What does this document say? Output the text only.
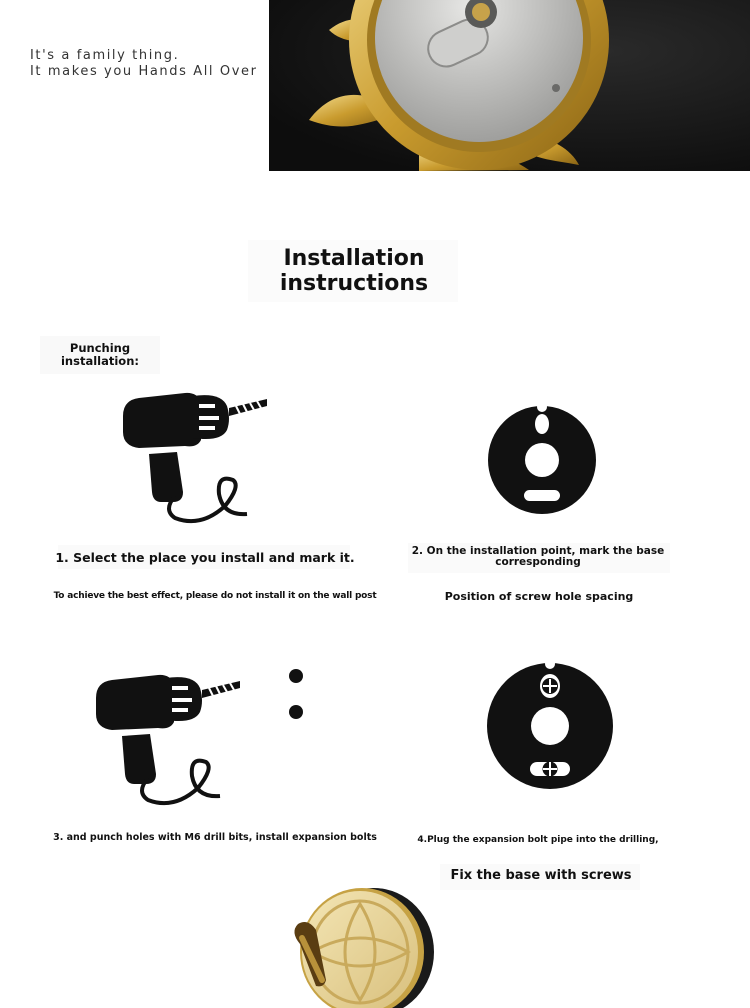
It's a family thing.
It makes you Hands All Over
Installation
instructions
Punching
installation:
1. Select the place you install and mark it.	2. On the installation point, mark the base
corresponding
To achieve the best effect, please do not install it on the wall post	Position of screw hole spacing
3. and punch holes with M6 drill bits, install expansion bolts	4.Plug the expansion bolt pipe into the drilling,
Fix the base with screws
